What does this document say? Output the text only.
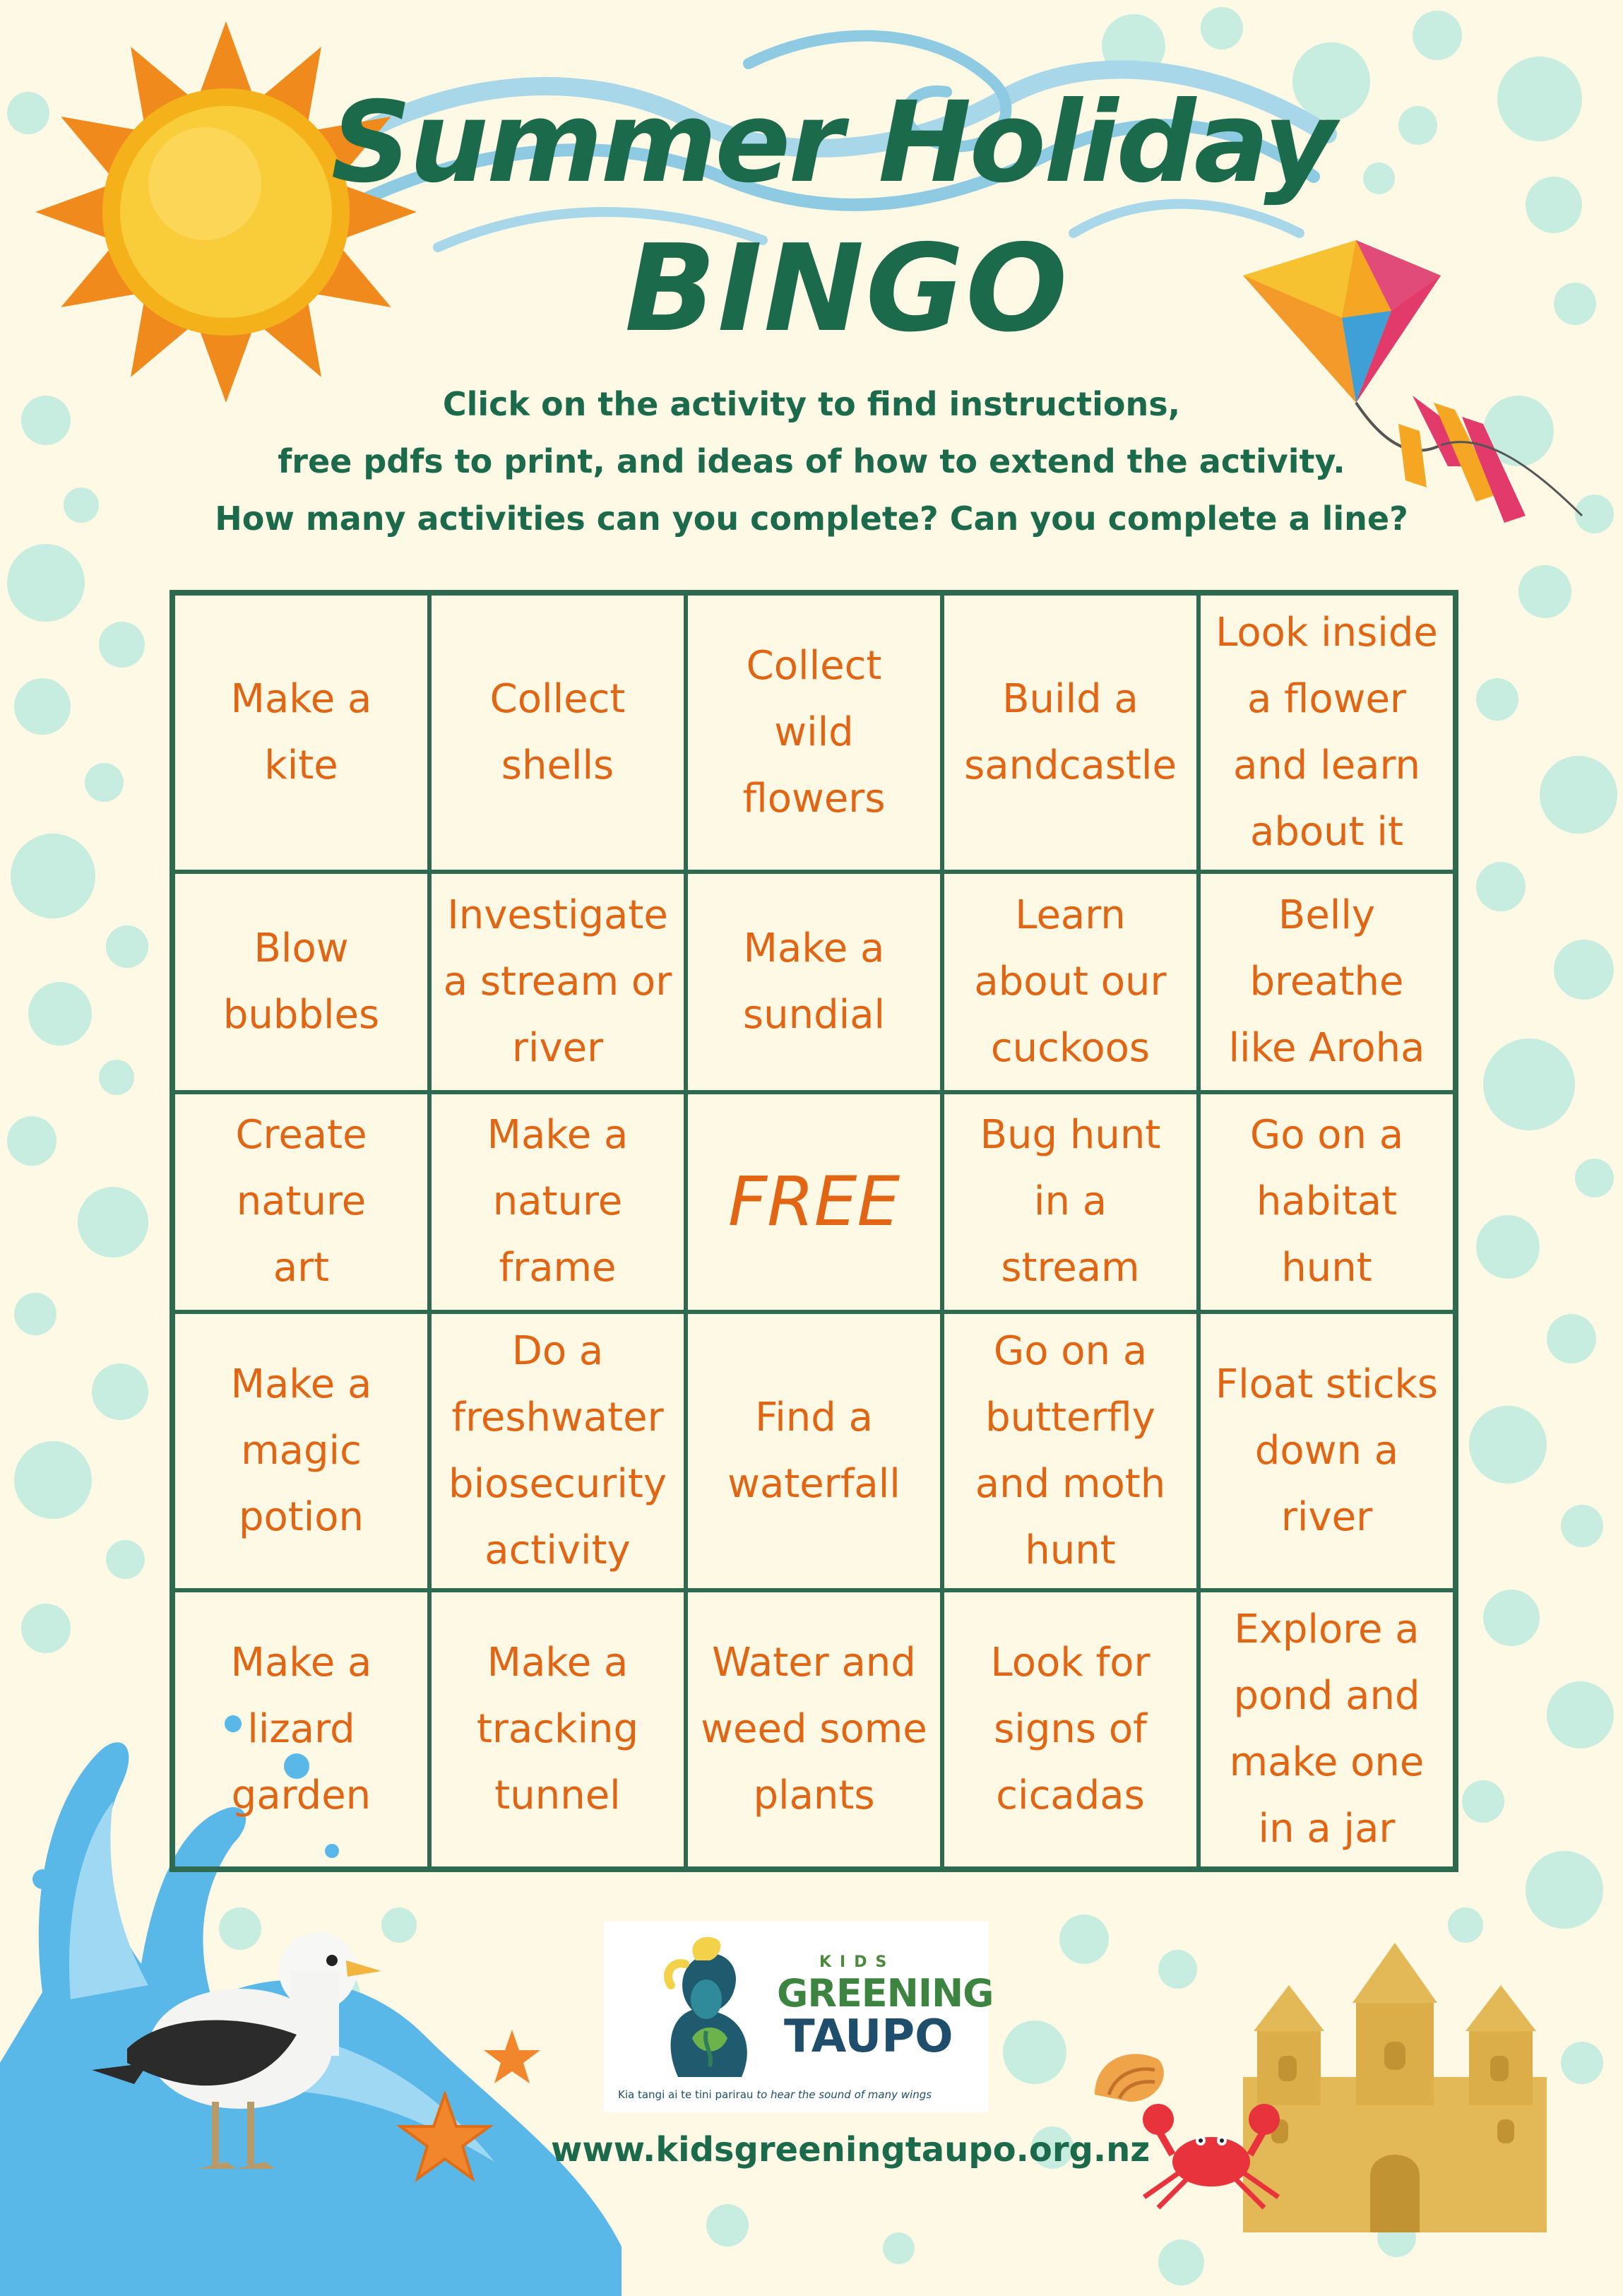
Summer Holiday
BINGO
Click on the activity to find instructions,
free pdfs to print, and ideas of how to extend the activity.
How many activities can you complete? Can you complete a line?
Make a
kite
Collect
shells
Collect
wild
flowers
Build a
sandcastle
Look inside
a flower
and learn
about it
Blow
bubbles
Investigate
a stream or
river
Make a
sundial
Learn
about our
cuckoos
Belly
breathe
like Aroha
Create
nature
art
Make a
nature
frame
FREE
Bug hunt
in a
stream
Go on a
habitat
hunt
Make a
magic
potion
Do a
freshwater
biosecurity
activity
Find a
waterfall
Go on a
butterfly
and moth
hunt
Float sticks
down a
river
Make a
lizard
garden
Make a
tracking
tunnel
Water and
weed some
plants
Look for
signs of
cicadas
Explore a
pond and
make one
in a jar
KIDS
GREENING
TAUPO
Kia tangi ai te tini parirau to hear the sound of many wings
www.kidsgreeningtaupo.org.nz
